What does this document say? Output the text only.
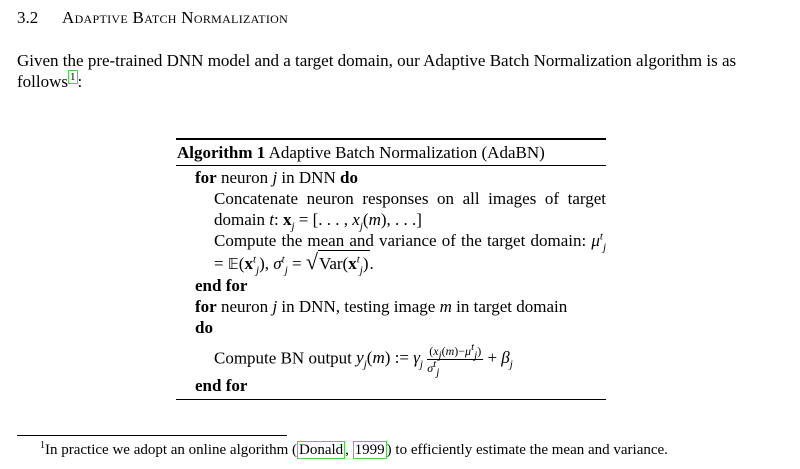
3.2 Adaptive Batch Normalization
Given the pre-trained DNN model and a target domain, our Adaptive Batch Normalization algorithm is as follows $^1$ :
Algorithm 1 Adaptive Batch Normalization (AdaBN)
for neuron j in DNN do
Concatenate neuron responses on all images of target domain t: $x_j$ = [. . . , $x_j(m)$, . . .]
Compute the mean and variance of the target domain: $\mu^t_j$ = $𝔼(x^t_j)$, $\sigma^t_j = √Var(x^t_j)$.
end for
for neuron j in DNN, testing image m in target domain
do
Compute BN output $y_j(m)$ := $\gamma_j \frac{(x_j(m)-\mu^t_j)}{\sigma^t_j} + \beta_j$
end for
$^1$In practice we adopt an online algorithm ( Donald , 1999 ) to efficiently estimate the mean and variance.
